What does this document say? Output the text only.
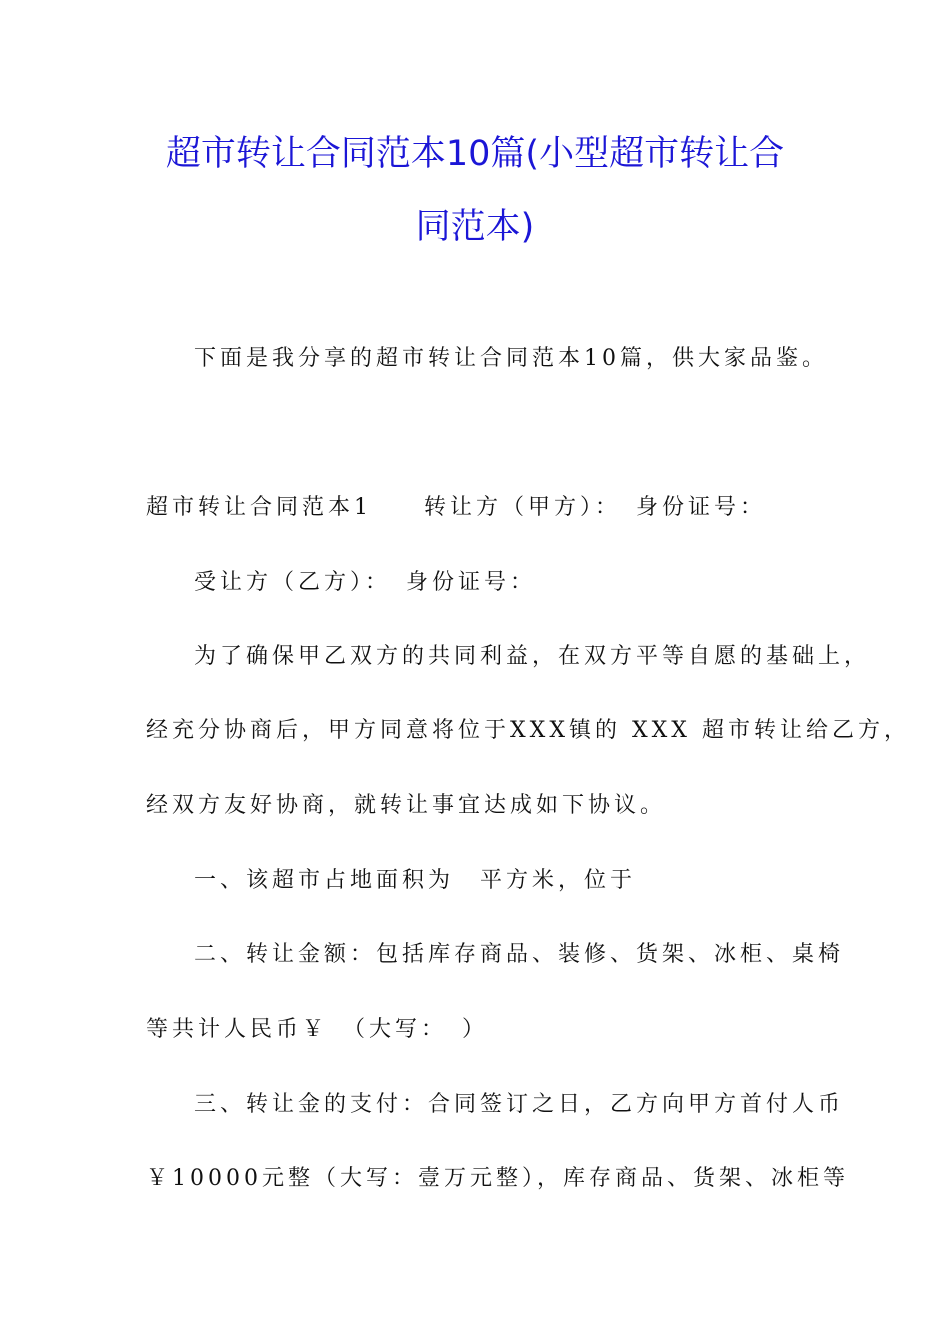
超市转让合同范本10篇(小型超市转让合
同范本)
下面是我分享的超市转让合同范本10篇，供大家品鉴。
超市转让合同范本1　　转让方（甲方）：　身份证号：
受让方（乙方）：　身份证号：
为了确保甲乙双方的共同利益，在双方平等自愿的基础上，
经充分协商后，甲方同意将位于XXX镇的 XXX 超市转让给乙方，
经双方友好协商，就转让事宜达成如下协议。
一、该超市占地面积为　平方米，位于
二、转让金额：包括库存商品、装修、货架、冰柜、桌椅
等共计人民币￥　（大写：　）
三、转让金的支付：合同签订之日，乙方向甲方首付人币
￥10000元整（大写：壹万元整），库存商品、货架、冰柜等
